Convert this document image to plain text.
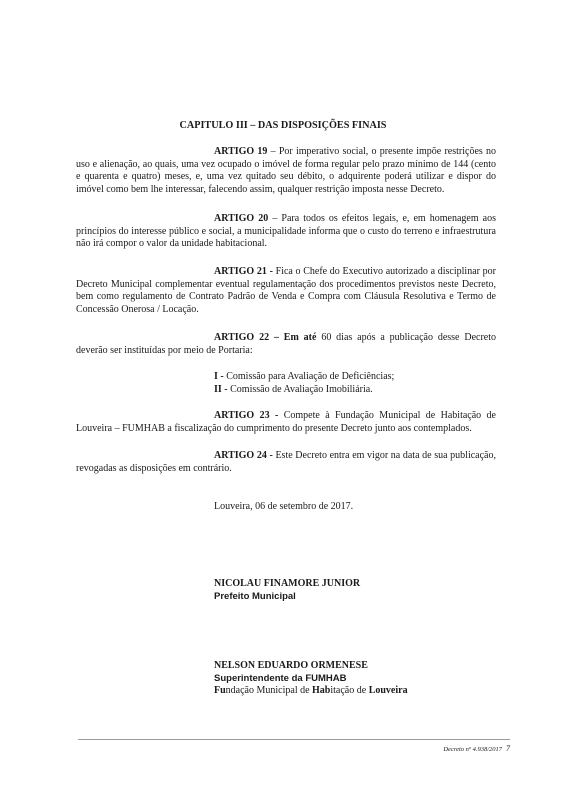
CAPITULO III – DAS DISPOSIÇÕES FINAIS

ARTIGO 19 – Por imperativo social, o presente impõe restrições no uso e alienação, ao quais, uma vez ocupado o imóvel de forma regular pelo prazo mínimo de 144 (cento e quarenta e quatro) meses, e, uma vez quitado seu débito, o adquirente poderá utilizar e dispor do imóvel como bem lhe interessar, falecendo assim, qualquer restrição imposta nesse Decreto.

ARTIGO 20 – Para todos os efeitos legais, e, em homenagem aos princípios do interesse público e social, a municipalidade informa que o custo do terreno e infraestrutura não irá compor o valor da unidade habitacional.

ARTIGO 21 - Fica o Chefe do Executivo autorizado a disciplinar por Decreto Municipal complementar eventual regulamentação dos procedimentos previstos neste Decreto, bem como regulamento de Contrato Padrão de Venda e Compra com Cláusula Resolutiva e Termo de Concessão Onerosa / Locação.

ARTIGO 22 – Em até 60 dias após a publicação desse Decreto deverão ser instituídas por meio de Portaria:

I - Comissão para Avaliação de Deficiências;
II - Comissão de Avaliação Imobiliária.

ARTIGO 23 - Compete à Fundação Municipal de Habitação de Louveira – FUMHAB a fiscalização do cumprimento do presente Decreto junto aos contemplados.

ARTIGO 24 - Este Decreto entra em vigor na data de sua publicação, revogadas as disposições em contrário.

Louveira, 06 de setembro de 2017.
NICOLAU FINAMORE JUNIOR
Prefeito Municipal
NELSON EDUARDO ORMENESE
Superintendente da FUMHAB
Fundação Municipal de Habitação de Louveira
Decreto nº 4.938/2017 7
